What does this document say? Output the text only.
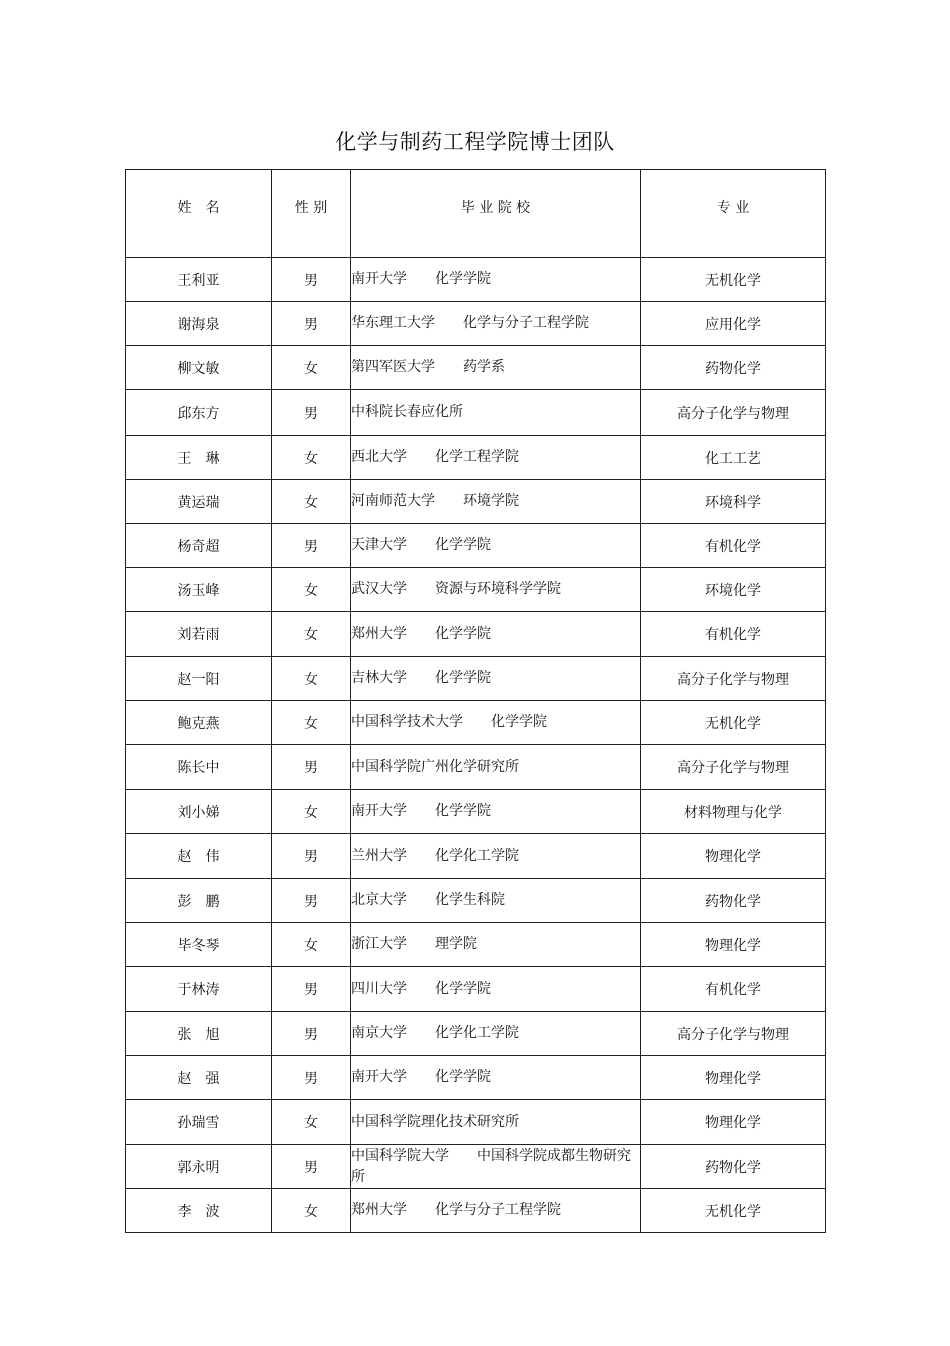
化学与制药工程学院博士团队
姓　名	性 别	毕 业 院 校	专 业
王利亚	男	南开大学　　 化学学院	无机化学
谢海泉	男	华东理工大学　　 化学与分子工程学院	应用化学
柳文敏	女	第四军医大学　　 药学系	药物化学
邱东方	男	中科院长春应化所	高分子化学与物理
王　琳	女	西北大学　　 化学工程学院	化工工艺
黄运瑞	女	河南师范大学　　 环境学院	环境科学
杨奇超	男	天津大学　　 化学学院	有机化学
汤玉峰	女	武汉大学　　 资源与环境科学学院	环境化学
刘若雨	女	郑州大学　　 化学学院	有机化学
赵一阳	女	吉林大学　　 化学学院	高分子化学与物理
鲍克燕	女	中国科学技术大学　　 化学学院	无机化学
陈长中	男	中国科学院广州化学研究所	高分子化学与物理
刘小娣	女	南开大学　　 化学学院	材料物理与化学
赵　伟	男	兰州大学　　 化学化工学院	物理化学
彭　鹏	男	北京大学　　 化学生科院	药物化学
毕冬琴	女	浙江大学　　 理学院	物理化学
于林涛	男	四川大学　　 化学学院	有机化学
张　旭	男	南京大学　　 化学化工学院	高分子化学与物理
赵　强	男	南开大学　　 化学学院	物理化学
孙瑞雪	女	中国科学院理化技术研究所	物理化学
郭永明	男	中国科学院大学　　 中国科学院成都生物研究所	药物化学
李　波	女	郑州大学　　 化学与分子工程学院	无机化学
